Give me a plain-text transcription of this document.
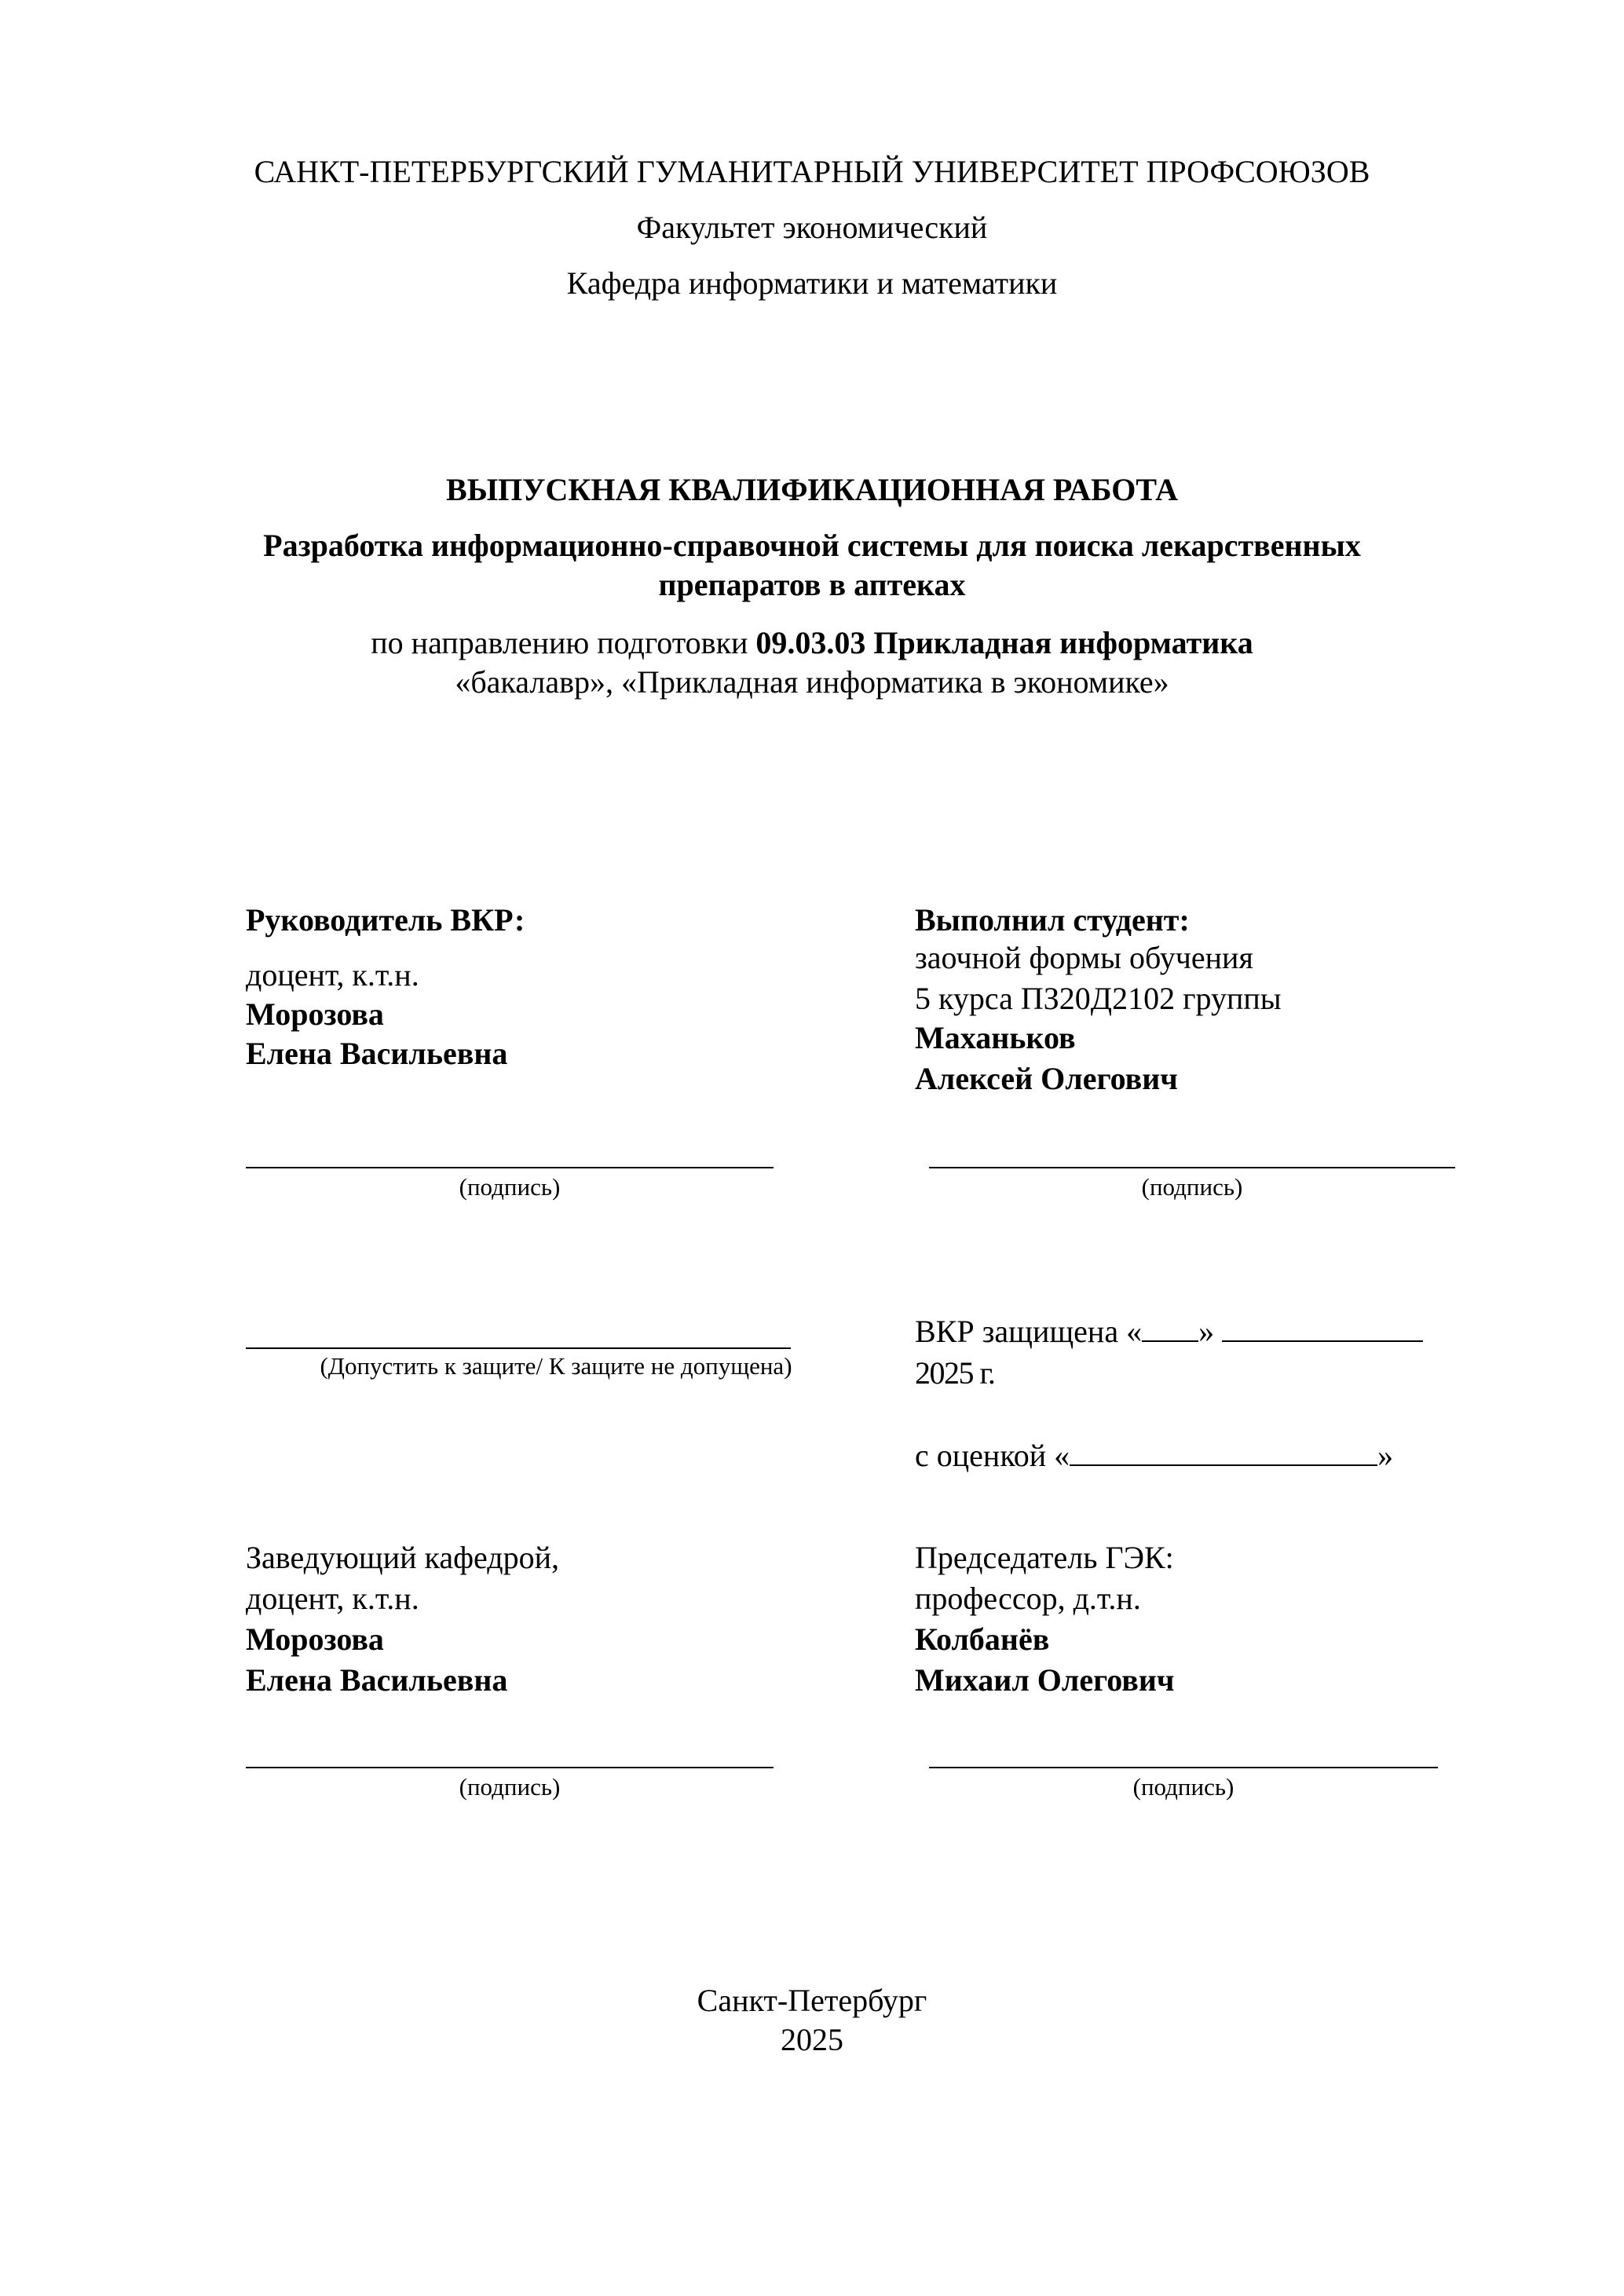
САНКТ-ПЕТЕРБУРГСКИЙ ГУМАНИТАРНЫЙ УНИВЕРСИТЕТ ПРОФСОЮЗОВ
Факультет экономический
Кафедра информатики и математики
ВЫПУСКНАЯ КВАЛИФИКАЦИОННАЯ РАБОТА
Разработка информационно-справочной системы для поиска лекарственных
препаратов в аптеках
по направлению подготовки 09.03.03 Прикладная информатика
«бакалавр», «Прикладная информатика в экономике»
Руководитель ВКР:
доцент, к.т.н.
Морозова
Елена Васильевна
Выполнил студент:
заочной формы обучения
5 курса ПЗ20Д2102 группы
Маханьков
Алексей Олегович
(подпись)	(подпись)
(Допустить к защите/ К защите не допущена)
ВКР защищена « »
2025 г.
с оценкой «	»
Заведующий кафедрой,
доцент, к.т.н.
Морозова
Елена Васильевна
Председатель ГЭК:
профессор, д.т.н.
Колбанёв
Михаил Олегович
(подпись)	(подпись)
Санкт-Петербург
2025
